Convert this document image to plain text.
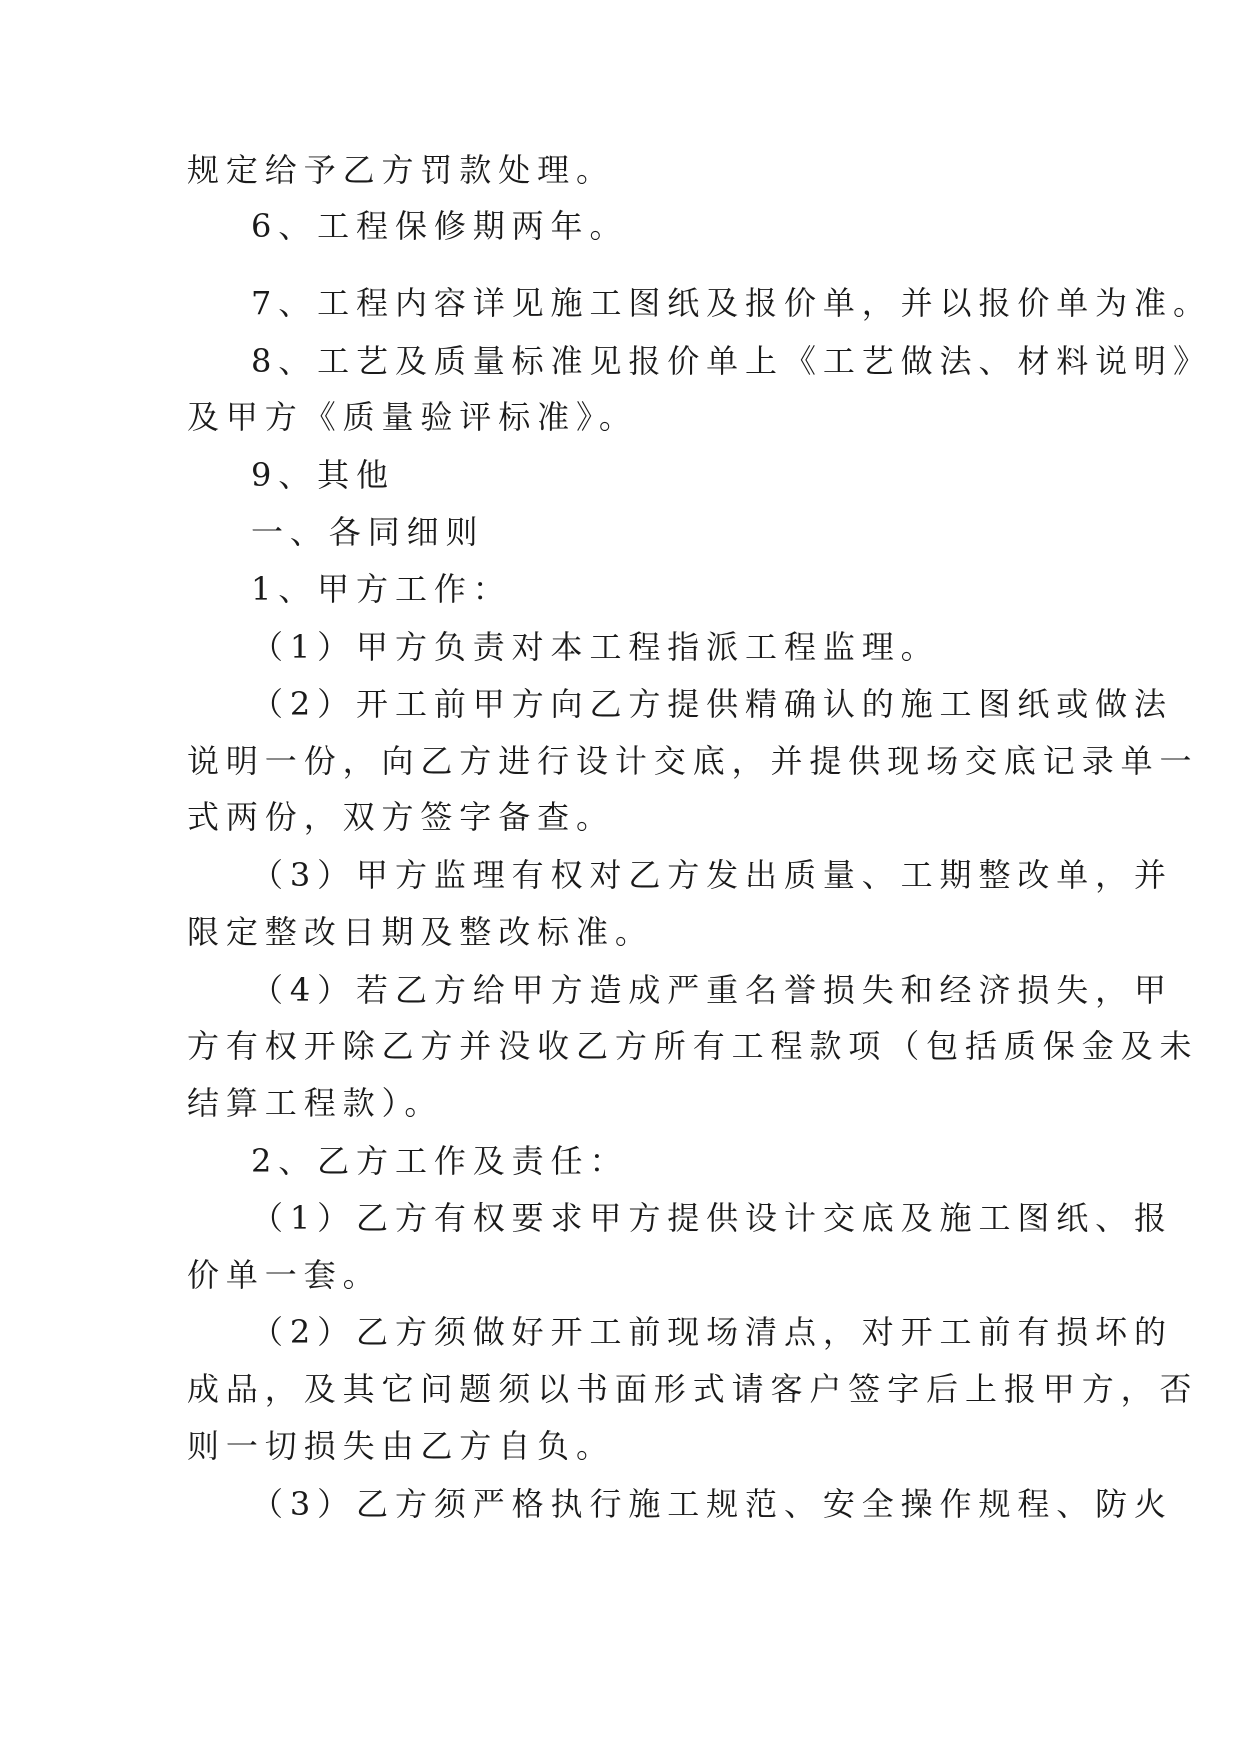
规定给予乙方罚款处理。
6、工程保修期两年。
7、工程内容详见施工图纸及报价单，并以报价单为准。
8、工艺及质量标准见报价单上《工艺做法、材料说明》
及甲方《质量验评标准》。
9、其他
一、各同细则
1、甲方工作：
（1）甲方负责对本工程指派工程监理。
（2）开工前甲方向乙方提供精确认的施工图纸或做法
说明一份，向乙方进行设计交底，并提供现场交底记录单一
式两份，双方签字备查。
（3）甲方监理有权对乙方发出质量、工期整改单，并
限定整改日期及整改标准。
（4）若乙方给甲方造成严重名誉损失和经济损失，甲
方有权开除乙方并没收乙方所有工程款项（包括质保金及未
结算工程款）。
2、乙方工作及责任：
（1）乙方有权要求甲方提供设计交底及施工图纸、报
价单一套。
（2）乙方须做好开工前现场清点，对开工前有损坏的
成品，及其它问题须以书面形式请客户签字后上报甲方，否
则一切损失由乙方自负。
（3）乙方须严格执行施工规范、安全操作规程、防火
